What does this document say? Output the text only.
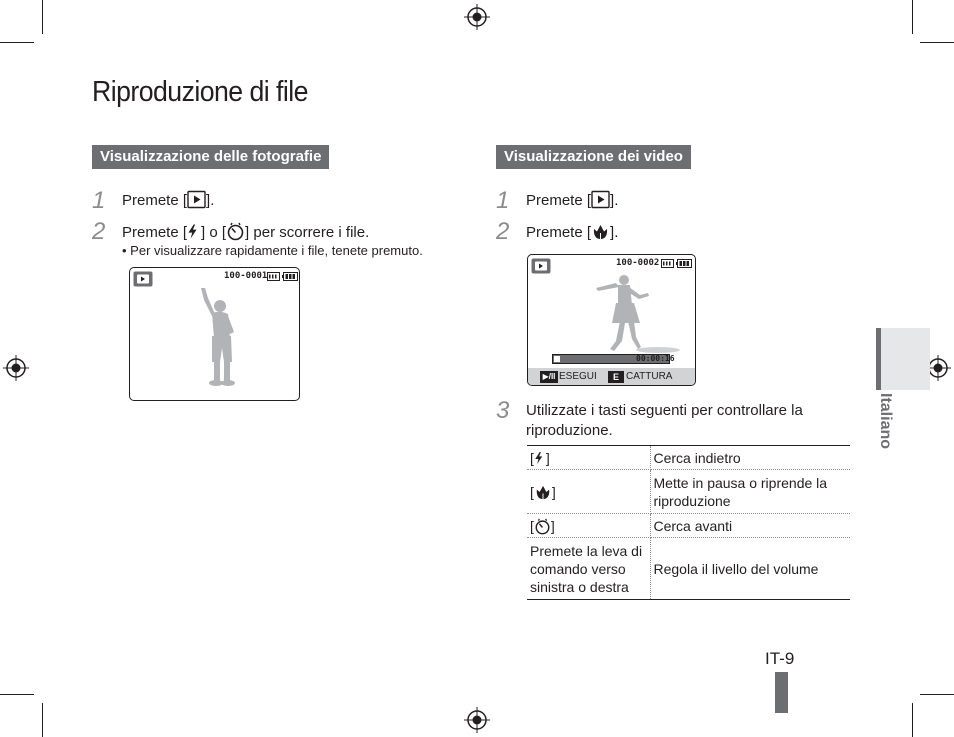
Riproduzione di file
Visualizzazione delle fotografie
1 Premete [ ].
2 Premete [ ] o [ ] per scorrere i file.
• Per visualizzare rapidamente i file, tenete premuto.
100-0001
Visualizzazione dei video
1 Premete [ ].
2 Premete [ ].
100-0002
00:00:16
▶/II ESEGUI	E CATTURA
3 Utilizzate i tasti seguenti per controllare la riproduzione.
[ ]	Cerca indietro
[ ]	Mette in pausa o riprende la riproduzione
[ ]	Cerca avanti
Premete la leva di comando verso sinistra o destra	Regola il livello del volume
Italiano
IT-9
